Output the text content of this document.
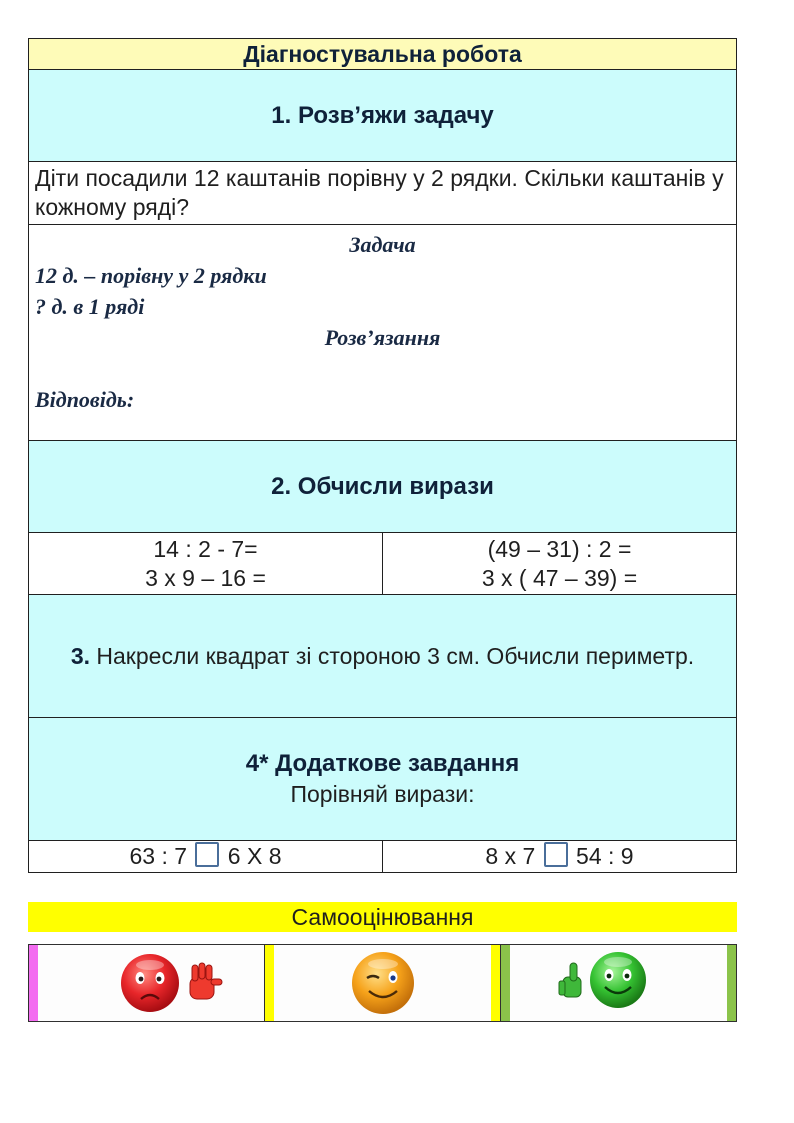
Діагностувальна робота
1. Розв’яжи задачу
Діти посадили 12 каштанів порівну у 2 рядки. Скільки каштанів у кожному ряді?
Задача
12 д. – порівну у 2 рядки
? д. в 1 ряді
Розв’язання
Відповідь:
2. Обчисли вирази
14 : 2 - 7=
3 х 9 – 16 =
(49 – 31) : 2 =
3 х ( 47 – 39) =
3. Накресли квадрат зі стороною 3 см. Обчисли периметр.
4* Додаткове завдання
Порівняй вирази:
63 : 7 6 Х 8	8 х 7 54 : 9
Самооцінювання
